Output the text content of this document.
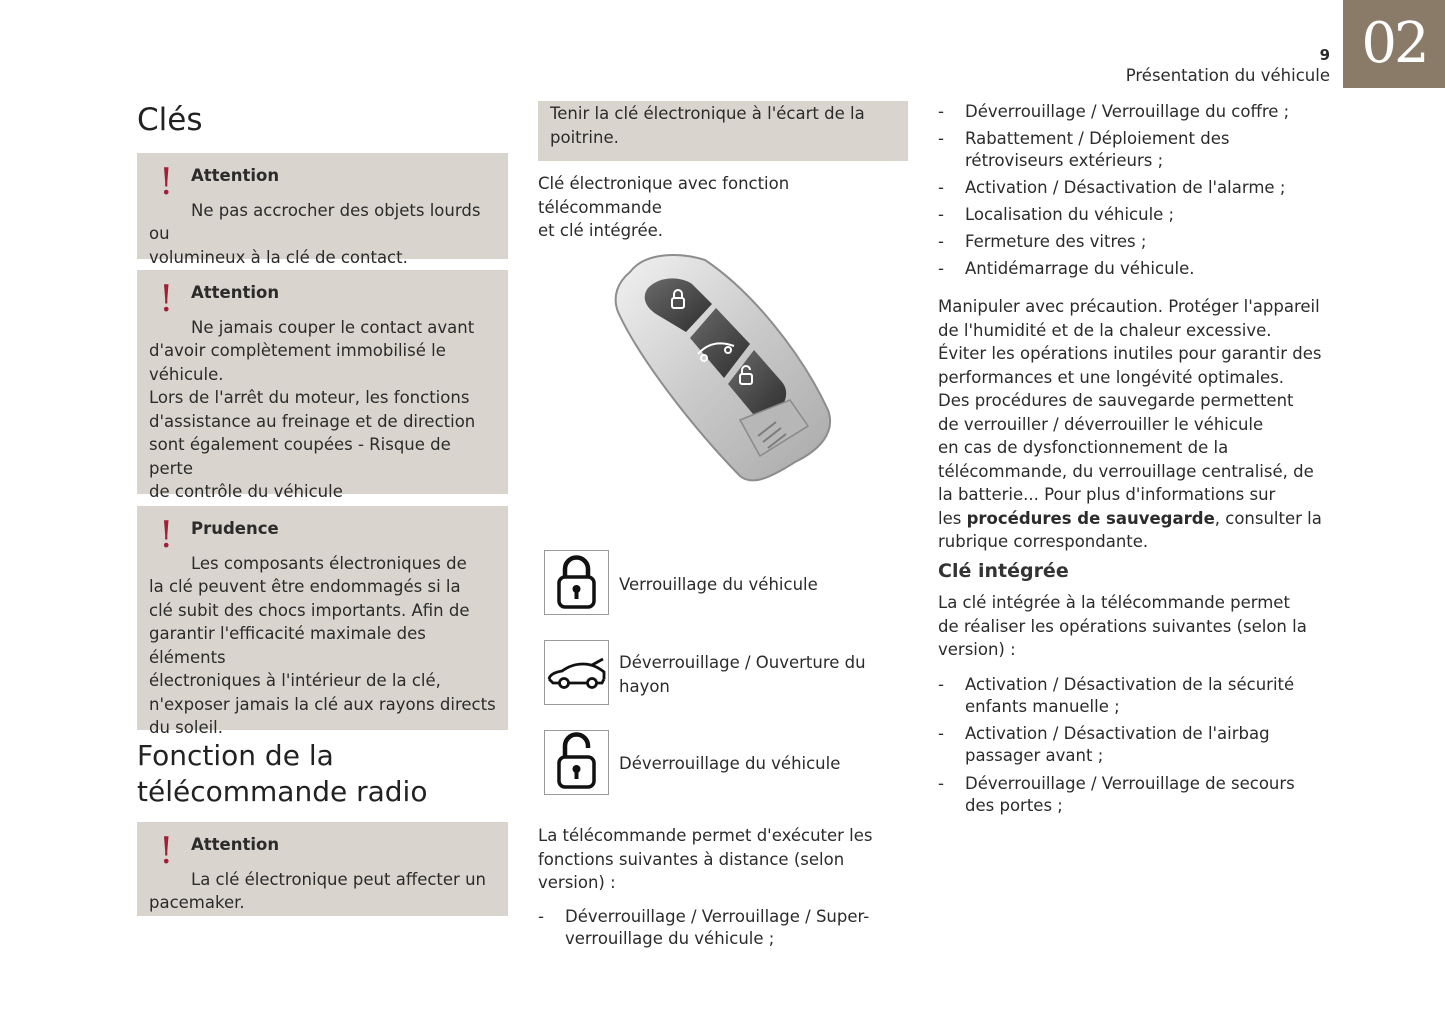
02
9
Présentation du véhicule
Clés
! Attention
Ne pas accrocher des objets lourds ou
volumineux à la clé de contact.
! Attention
Ne jamais couper le contact avant
d'avoir complètement immobilisé le
véhicule.
Lors de l'arrêt du moteur, les fonctions
d'assistance au freinage et de direction
sont également coupées - Risque de perte
de contrôle du véhicule
! Prudence
Les composants électroniques de
la clé peuvent être endommagés si la
clé subit des chocs importants. Afin de
garantir l'efficacité maximale des éléments
électroniques à l'intérieur de la clé,
n'exposer jamais la clé aux rayons directs
du soleil.
Fonction de la
télécommande radio
! Attention
La clé électronique peut affecter un
pacemaker.
Tenir la clé électronique à l'écart de la
poitrine.
Clé électronique avec fonction télécommande
et clé intégrée.
Verrouillage du véhicule
Déverrouillage / Ouverture du
hayon
Déverrouillage du véhicule
La télécommande permet d'exécuter les
fonctions suivantes à distance (selon
version) :
- Déverrouillage / Verrouillage / Super-
verrouillage du véhicule ;
- Déverrouillage / Verrouillage du coffre ;
- Rabattement / Déploiement des
rétroviseurs extérieurs ;
- Activation / Désactivation de l'alarme ;
- Localisation du véhicule ;
- Fermeture des vitres ;
- Antidémarrage du véhicule.
Manipuler avec précaution. Protéger l'appareil
de l'humidité et de la chaleur excessive.
Éviter les opérations inutiles pour garantir des
performances et une longévité optimales.
Des procédures de sauvegarde permettent
de verrouiller / déverrouiller le véhicule
en cas de dysfonctionnement de la
télécommande, du verrouillage centralisé, de
la batterie... Pour plus d'informations sur
les procédures de sauvegarde, consulter la
rubrique correspondante.
Clé intégrée
La clé intégrée à la télécommande permet
de réaliser les opérations suivantes (selon la
version) :
- Activation / Désactivation de la sécurité
enfants manuelle ;
- Activation / Désactivation de l'airbag
passager avant ;
- Déverrouillage / Verrouillage de secours
des portes ;
